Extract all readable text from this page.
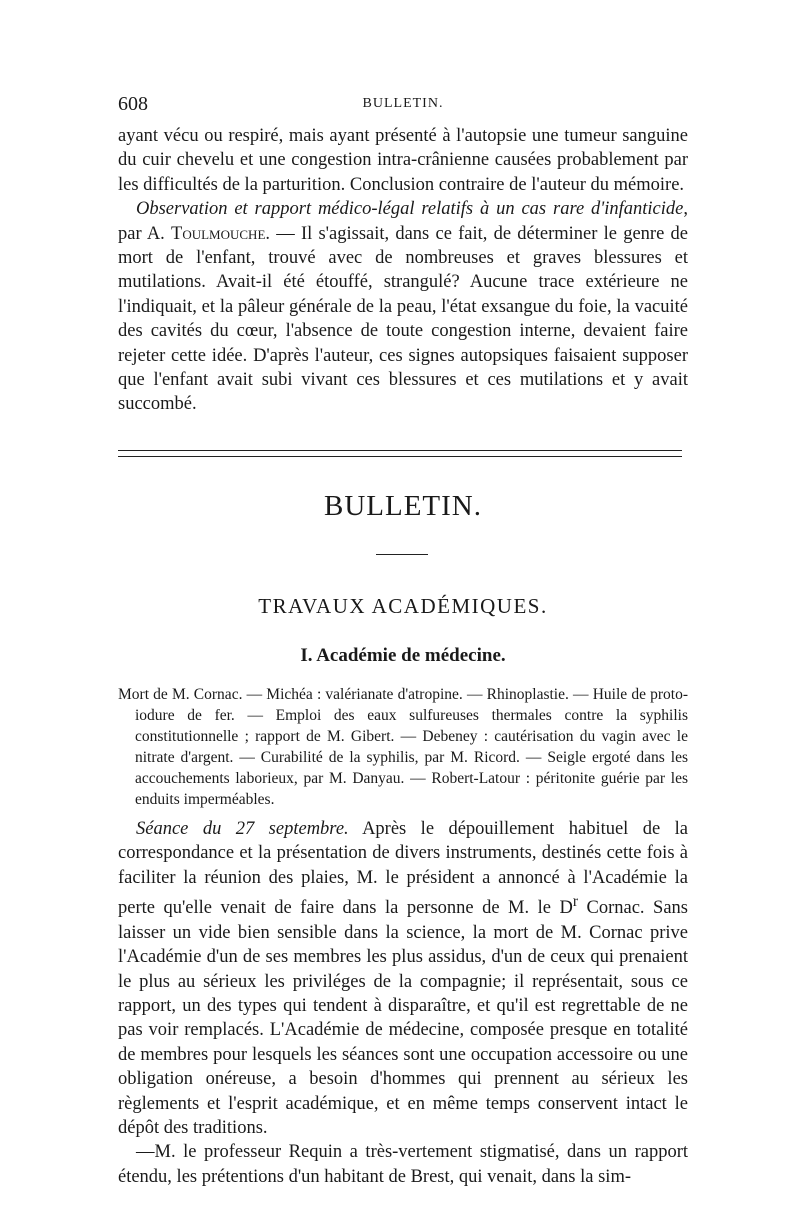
608	BULLETIN.

ayant vécu ou respiré, mais ayant présenté à l'autopsie une tumeur sanguine du cuir chevelu et une congestion intra-crânienne causées probablement par les difficultés de la parturition. Conclusion contraire de l'auteur du mémoire.

Observation et rapport médico-légal relatifs à un cas rare d'infanticide, par A. Toulmouche. — Il s'agissait, dans ce fait, de déterminer le genre de mort de l'enfant, trouvé avec de nombreuses et graves blessures et mutilations. Avait-il été étouffé, strangulé? Aucune trace extérieure ne l'indiquait, et la pâleur générale de la peau, l'état exsangue du foie, la vacuité des cavités du cœur, l'absence de toute congestion interne, devaient faire rejeter cette idée. D'après l'auteur, ces signes autopsiques faisaient supposer que l'enfant avait subi vivant ces blessures et ces mutilations et y avait succombé.

BULLETIN.
TRAVAUX ACADÉMIQUES.
I. Académie de médecine.

Mort de M. Cornac. — Michéa : valérianate d'atropine. — Rhinoplastie. — Huile de proto-iodure de fer. — Emploi des eaux sulfureuses thermales contre la syphilis constitutionnelle ; rapport de M. Gibert. — Debeney : cautérisation du vagin avec le nitrate d'argent. — Curabilité de la syphilis, par M. Ricord. — Seigle ergoté dans les accouchements laborieux, par M. Danyau. — Robert-Latour : péritonite guérie par les enduits imperméables.

Séance du 27 septembre. Après le dépouillement habituel de la correspondance et la présentation de divers instruments, destinés cette fois à faciliter la réunion des plaies, M. le président a annoncé à l'Académie la perte qu'elle venait de faire dans la personne de M. le $D^r$ Cornac. Sans laisser un vide bien sensible dans la science, la mort de M. Cornac prive l'Académie d'un de ses membres les plus assidus, d'un de ceux qui prenaient le plus au sérieux les priviléges de la compagnie; il représentait, sous ce rapport, un des types qui tendent à disparaître, et qu'il est regrettable de ne pas voir remplacés. L'Académie de médecine, composée presque en totalité de membres pour lesquels les séances sont une occupation accessoire ou une obligation onéreuse, a besoin d'hommes qui prennent au sérieux les règlements et l'esprit académique, et en même temps conservent intact le dépôt des traditions.

—M. le professeur Requin a très-vertement stigmatisé, dans un rapport étendu, les prétentions d'un habitant de Brest, qui venait, dans la sim-
